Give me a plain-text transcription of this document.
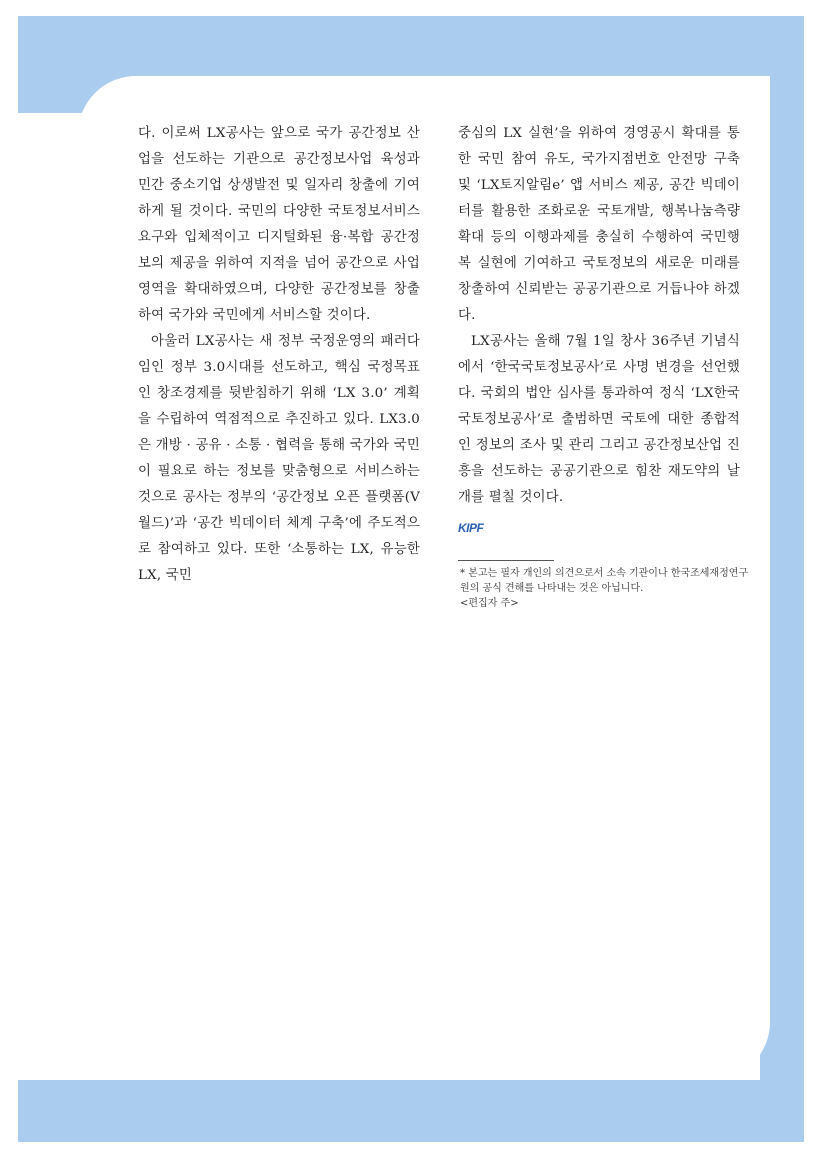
다. 이로써 LX공사는 앞으로 국가 공간정보 산업을 선도하는 기관으로 공간정보사업 육성과 민간 중소기업 상생발전 및 일자리 창출에 기여하게 될 것이다. 국민의 다양한 국토정보서비스 요구와 입체적이고 디지털화된 융·복합 공간정보의 제공을 위하여 지적을 넘어 공간으로 사업영역을 확대하였으며, 다양한 공간정보를 창출하여 국가와 국민에게 서비스할 것이다.

아울러 LX공사는 새 정부 국정운영의 패러다임인 정부 3.0시대를 선도하고, 핵심 국정목표인 창조경제를 뒷받침하기 위해 ‘LX 3.0’ 계획을 수립하여 역점적으로 추진하고 있다. LX3.0은 개방 · 공유 · 소통 · 협력을 통해 국가와 국민이 필요로 하는 정보를 맞춤형으로 서비스하는 것으로 공사는 정부의 ‘공간정보 오픈 플랫폼(V월드)’과 ‘공간 빅데이터 체계 구축’에 주도적으로 참여하고 있다. 또한 ‘소통하는 LX, 유능한 LX, 국민

중심의 LX 실현’을 위하여 경영공시 확대를 통한 국민 참여 유도, 국가지점번호 안전망 구축 및 ‘LX토지알림e’ 앱 서비스 제공, 공간 빅데이터를 활용한 조화로운 국토개발, 행복나눔측량 확대 등의 이행과제를 충실히 수행하여 국민행복 실현에 기여하고 국토정보의 새로운 미래를 창출하여 신뢰받는 공공기관으로 거듭나야 하겠다.

LX공사는 올해 7월 1일 창사 36주년 기념식에서 ‘한국국토정보공사’로 사명 변경을 선언했다. 국회의 법안 심사를 통과하여 정식 ‘LX한국국토정보공사’로 출범하면 국토에 대한 종합적인 정보의 조사 및 관리 그리고 공간정보산업 진흥을 선도하는 공공기관으로 힘찬 재도약의 날개를 펼칠 것이다.

KIPF

* 본고는 필자 개인의 의견으로서 소속 기관이나 한국조세재정연구원의 공식 견해를 나타내는 것은 아닙니다.

<편집자 주>
